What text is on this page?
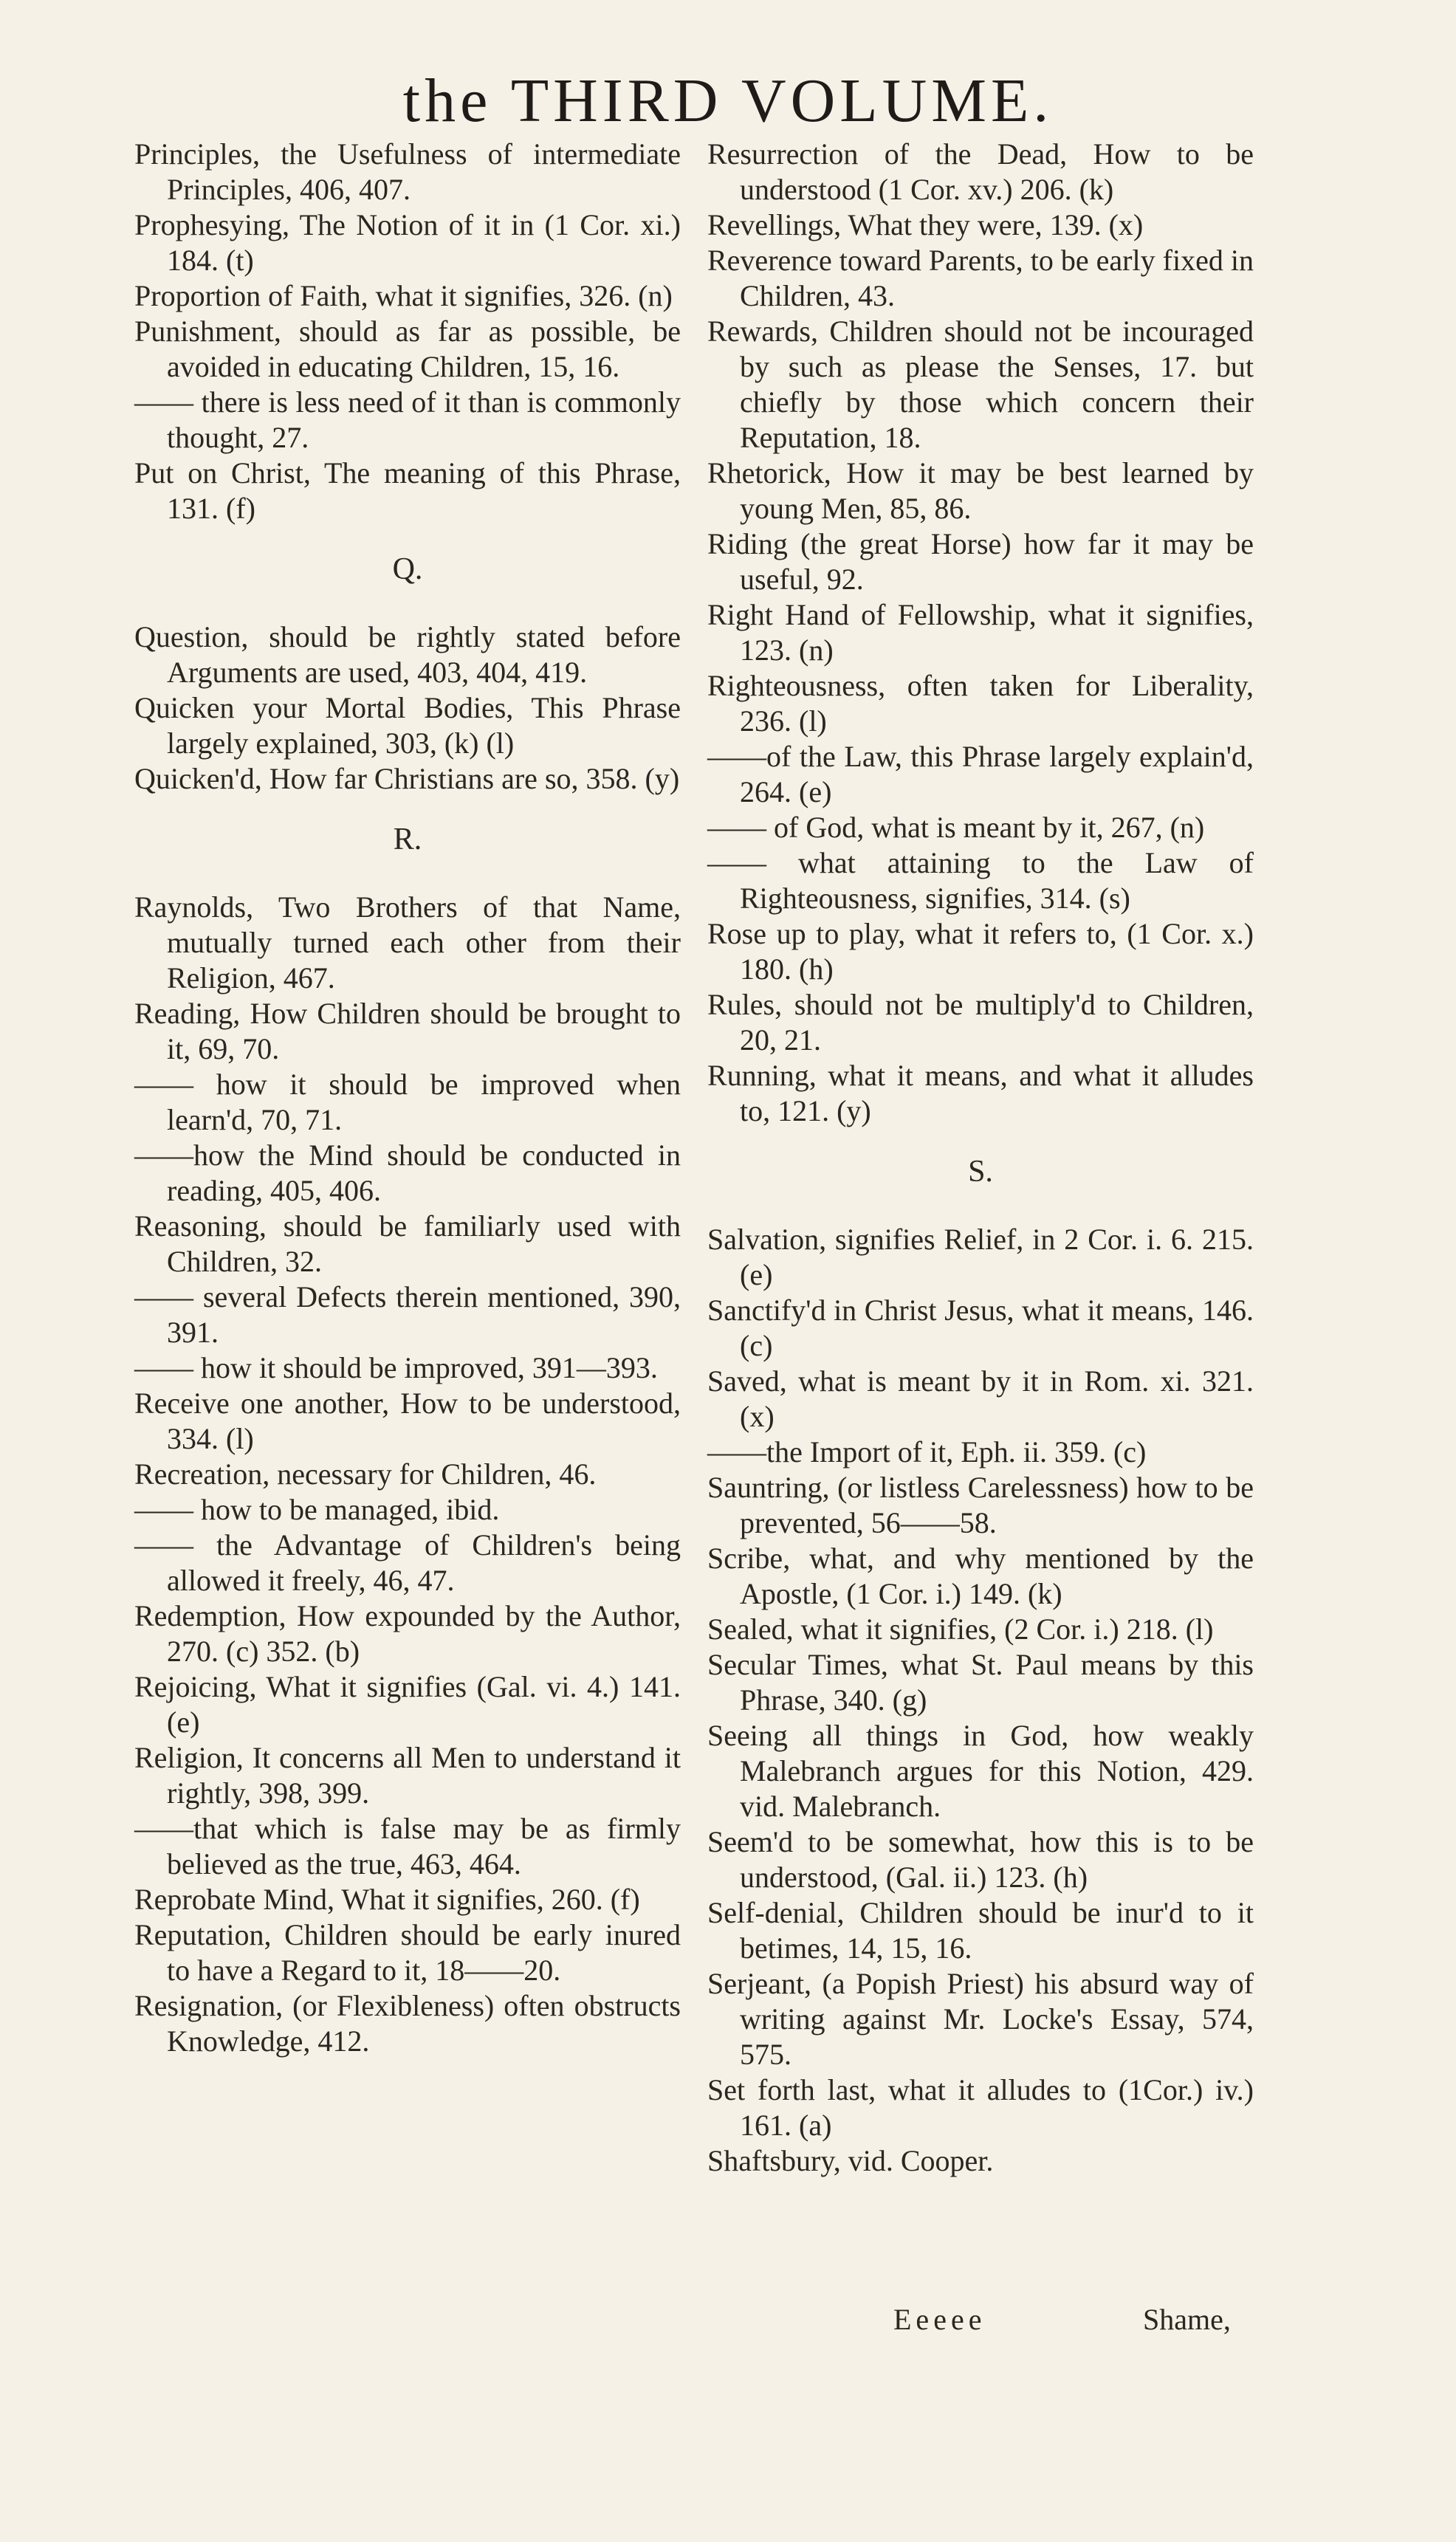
the THIRD VOLUME.

Principles, the Usefulness of intermediate Principles, 406, 407.

Prophesying, The Notion of it in (1 Cor. xi.) 184. (t)

Proportion of Faith, what it signifies, 326. (n)

Punishment, should as far as possible, be avoided in educating Children, 15, 16.

—— there is less need of it than is commonly thought, 27.

Put on Christ, The meaning of this Phrase, 131. (f)

Q.

Question, should be rightly stated before Arguments are used, 403, 404, 419.

Quicken your Mortal Bodies, This Phrase largely explained, 303, (k) (l)

Quicken'd, How far Christians are so, 358. (y)

R.

Raynolds, Two Brothers of that Name, mutually turned each other from their Religion, 467.

Reading, How Children should be brought to it, 69, 70.

—— how it should be improved when learn'd, 70, 71.

——how the Mind should be conducted in reading, 405, 406.

Reasoning, should be familiarly used with Children, 32.

—— several Defects therein mentioned, 390, 391.

—— how it should be improved, 391—393.

Receive one another, How to be understood, 334. (l)

Recreation, necessary for Children, 46.

—— how to be managed, ibid.

—— the Advantage of Children's being allowed it freely, 46, 47.

Redemption, How expounded by the Author, 270. (c) 352. (b)

Rejoicing, What it signifies (Gal. vi. 4.) 141. (e)

Religion, It concerns all Men to understand it rightly, 398, 399.

——that which is false may be as firmly believed as the true, 463, 464.

Reprobate Mind, What it signifies, 260. (f)

Reputation, Children should be early inured to have a Regard to it, 18——20.

Resignation, (or Flexibleness) often obstructs Knowledge, 412.

Resurrection of the Dead, How to be understood (1 Cor. xv.) 206. (k)

Revellings, What they were, 139. (x)

Reverence toward Parents, to be early fixed in Children, 43.

Rewards, Children should not be incouraged by such as please the Senses, 17. but chiefly by those which concern their Reputation, 18.

Rhetorick, How it may be best learned by young Men, 85, 86.

Riding (the great Horse) how far it may be useful, 92.

Right Hand of Fellowship, what it signifies, 123. (n)

Righteousness, often taken for Liberality, 236. (l)

——of the Law, this Phrase largely explain'd, 264. (e)

—— of God, what is meant by it, 267, (n)

—— what attaining to the Law of Righteousness, signifies, 314. (s)

Rose up to play, what it refers to, (1 Cor. x.) 180. (h)

Rules, should not be multiply'd to Children, 20, 21.

Running, what it means, and what it alludes to, 121. (y)

S.

Salvation, signifies Relief, in 2 Cor. i. 6. 215. (e)

Sanctify'd in Christ Jesus, what it means, 146. (c)

Saved, what is meant by it in Rom. xi. 321. (x)

——the Import of it, Eph. ii. 359. (c)

Sauntring, (or listless Carelessness) how to be prevented, 56——58.

Scribe, what, and why mentioned by the Apostle, (1 Cor. i.) 149. (k)

Sealed, what it signifies, (2 Cor. i.) 218. (l)

Secular Times, what St. Paul means by this Phrase, 340. (g)

Seeing all things in God, how weakly Malebranch argues for this Notion, 429. vid. Malebranch.

Seem'd to be somewhat, how this is to be understood, (Gal. ii.) 123. (h)

Self-denial, Children should be inur'd to it betimes, 14, 15, 16.

Serjeant, (a Popish Priest) his absurd way of writing against Mr. Locke's Essay, 574, 575.

Set forth last, what it alludes to (1Cor.) iv.) 161. (a)

Shaftsbury, vid. Cooper.

Eeeee	Shame,
